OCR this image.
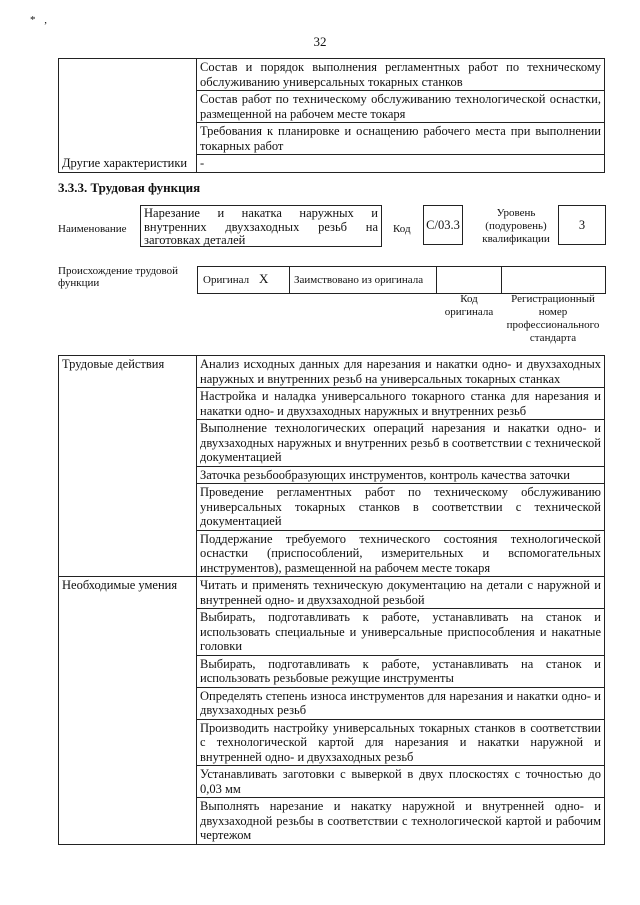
* ,
32
	Состав и порядок выполнения регламентных работ по техническому обслуживанию универсальных токарных станков
	Состав работ по техническому обслуживанию технологической оснастки, размещенной на рабочем месте токаря
	Требования к планировке и оснащению рабочего места при выполнении токарных работ
Другие характеристики	-
3.3.3. Трудовая функция
Наименование
Нарезание и накатка наружных и внутренних двухзаходных резьб на заготовках деталей
Код C/03.3
Уровень (подуровень) квалификации
3
Происхождение трудовой функции	Оригинал X Заимствовано из оригинала
Код оригинала
Регистрационный номер профессионального стандарта
Трудовые действия	Анализ исходных данных для нарезания и накатки одно- и двухзаходных наружных и внутренних резьб на универсальных токарных станках
	Настройка и наладка универсального токарного станка для нарезания и накатки одно- и двухзаходных наружных и внутренних резьб
	Выполнение технологических операций нарезания и накатки одно- и двухзаходных наружных и внутренних резьб в соответствии с технической документацией
	Заточка резьбообразующих инструментов, контроль качества заточки
	Проведение регламентных работ по техническому обслуживанию универсальных токарных станков в соответствии с технической документацией
	Поддержание требуемого технического состояния технологической оснастки (приспособлений, измерительных и вспомогательных инструментов), размещенной на рабочем месте токаря
Необходимые умения	Читать и применять техническую документацию на детали с наружной и внутренней одно- и двухзаходной резьбой
	Выбирать, подготавливать к работе, устанавливать на станок и использовать специальные и универсальные приспособления и накатные головки
	Выбирать, подготавливать к работе, устанавливать на станок и использовать резьбовые режущие инструменты
	Определять степень износа инструментов для нарезания и накатки одно- и двухзаходных резьб
	Производить настройку универсальных токарных станков в соответствии с технологической картой для нарезания и накатки наружной и внутренней одно- и двухзаходных резьб
	Устанавливать заготовки с выверкой в двух плоскостях с точностью до 0,03 мм
	Выполнять нарезание и накатку наружной и внутренней одно- и двухзаходной резьбы в соответствии с технологической картой и рабочим чертежом
